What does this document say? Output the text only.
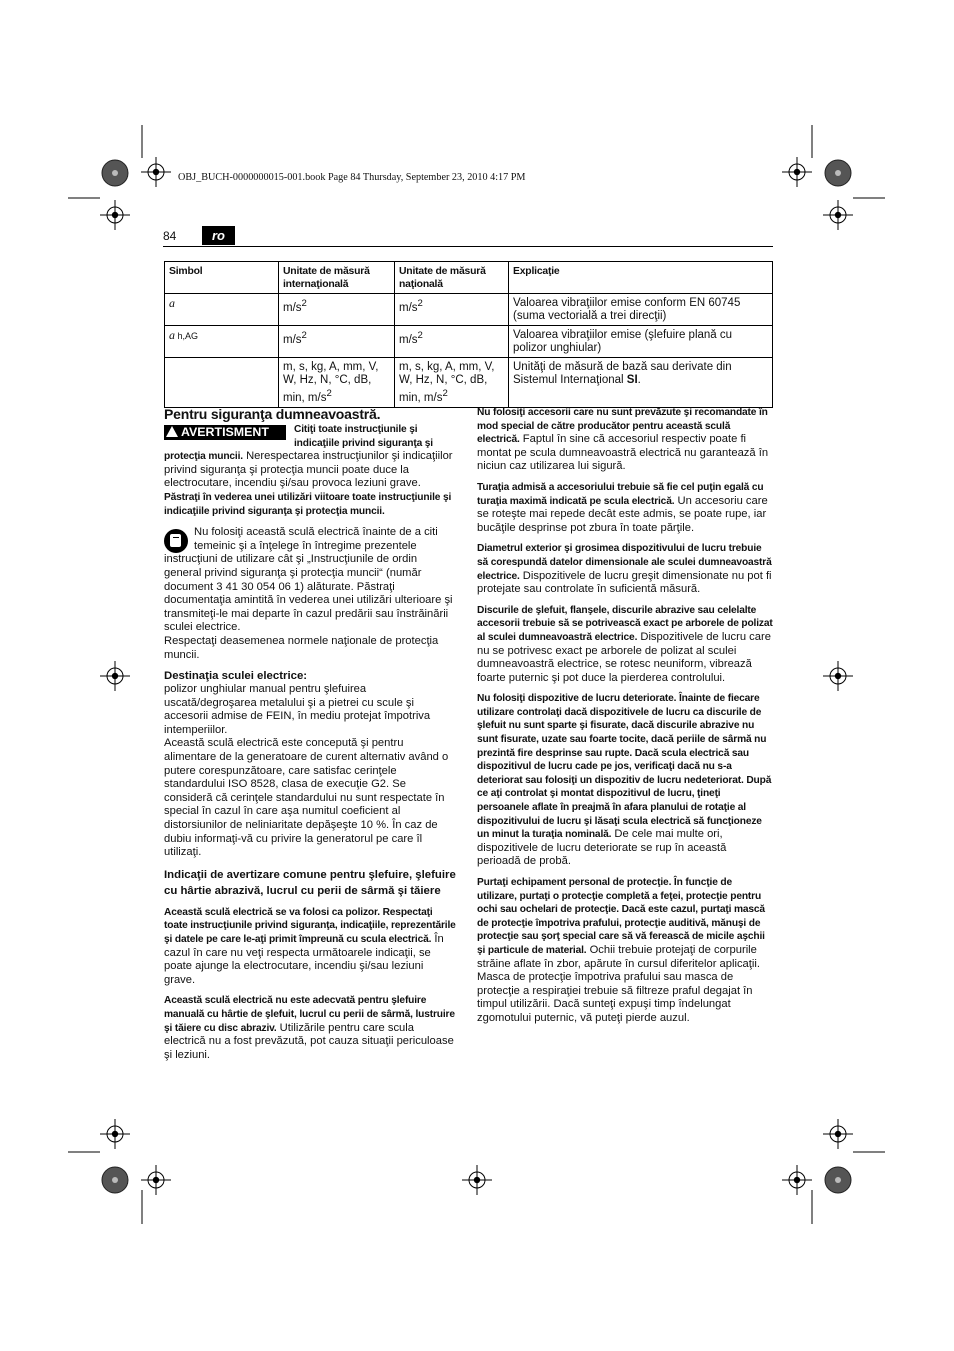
OBJ_BUCH-0000000015-001.book Page 84 Thursday, September 23, 2010 4:17 PM
84	ro
Simbol	Unitate de măsură internaţională	Unitate de măsură naţională	Explicaţie
a	$m/s^2$	$m/s^2$	Valoarea vibraţiilor emise conform EN 60745 (suma vectorială a trei direcţii)
a h,AG	$m/s^2$	$m/s^2$	Valoarea vibraţiilor emise (şlefuire plană cu polizor unghiular)
	m, s, kg, A, mm, V, W, Hz, N, °C, dB, min, $m/s^2$	m, s, kg, A, mm, V, W, Hz, N, °C, dB, min, $m/s^2$	Unităţi de măsură de bază sau derivate din Sistemul Internaţional SI.

Pentru siguranţa dumneavoastră.

AVERTISMENT	Citiţi toate instrucţiunile şi indicaţiile privind siguranţa şi protecţia muncii. Nerespectarea instrucţiunilor şi indicaţiilor privind siguranţa şi protecţia muncii poate duce la electrocutare, incendiu şi/sau provoca leziuni grave.

Păstraţi în vederea unei utilizări viitoare toate instrucţiunile şi indicaţiile privind siguranţa şi protecţia muncii.

Nu folosiţi această sculă electrică înainte de a citi temeinic şi a înţelege în întregime prezentele instrucţiuni de utilizare cât şi „Instrucţiunile de ordin general privind siguranţa şi protecţia muncii“ (număr document 3 41 30 054 06 1) alăturate. Păstraţi documentaţia amintită în vederea unei utilizări ulterioare şi transmiteţi-le mai departe în cazul predării sau înstrăinării sculei electrice.

Respectaţi deasemenea normele naţionale de protecţia muncii.

Destinaţia sculei electrice:

polizor unghiular manual pentru şlefuirea uscată/degroşarea metalului şi a pietrei cu scule şi accesorii admise de FEIN, în mediu protejat împotriva intemperiilor.

Această sculă electrică este concepută şi pentru alimentare de la generatoare de curent alternativ având o putere corespunzătoare, care satisfac cerinţele standardului ISO 8528, clasa de execuţie G2. Se consideră că cerinţele standardului nu sunt respectate în special în cazul în care aşa numitul coeficient al distorsiunilor de neliniaritate depăşeşte 10 %. În caz de dubiu informaţi-vă cu privire la generatorul pe care îl utilizaţi.

Indicaţii de avertizare comune pentru şlefuire, şlefuire cu hârtie abrazivă, lucrul cu perii de sârmă şi tăiere

Această sculă electrică se va folosi ca polizor. Respectaţi toate instrucţiunile privind siguranţa, indicaţiile, reprezentările şi datele pe care le-aţi primit împreună cu scula electrică. În cazul în care nu veţi respecta următoarele indicaţii, se poate ajunge la electrocutare, incendiu şi/sau leziuni grave.

Această sculă electrică nu este adecvată pentru şlefuire manuală cu hârtie de şlefuit, lucrul cu perii de sârmă, lustruire şi tăiere cu disc abraziv. Utilizările pentru care scula electrică nu a fost prevăzută, pot cauza situaţii periculoase şi leziuni.

Nu folosiţi accesorii care nu sunt prevăzute şi recomandate în mod special de către producător pentru această sculă electrică. Faptul în sine că accesoriul respectiv poate fi montat pe scula dumneavoastră electrică nu garantează în niciun caz utilizarea lui sigură.

Turaţia admisă a accesoriului trebuie să fie cel puţin egală cu turaţia maximă indicată pe scula electrică. Un accesoriu care se roteşte mai repede decât este admis, se poate rupe, iar bucăţile desprinse pot zbura în toate părţile.

Diametrul exterior şi grosimea dispozitivului de lucru trebuie să corespundă datelor dimensionale ale sculei dumneavoastră electrice. Dispozitivele de lucru greşit dimensionate nu pot fi protejate sau controlate în suficientă măsură.

Discurile de şlefuit, flanşele, discurile abrazive sau celelalte accesorii trebuie să se potrivească exact pe arborele de polizat al sculei dumneavoastră electrice. Dispozitivele de lucru care nu se potrivesc exact pe arborele de polizat al sculei dumneavoastră electrice, se rotesc neuniform, vibrează foarte puternic şi pot duce la pierderea controlului.

Nu folosiţi dispozitive de lucru deteriorate. Înainte de fiecare utilizare controlaţi dacă dispozitivele de lucru ca discurile de şlefuit nu sunt sparte şi fisurate, dacă discurile abrazive nu sunt fisurate, uzate sau foarte tocite, dacă periile de sârmă nu prezintă fire desprinse sau rupte. Dacă scula electrică sau dispozitivul de lucru cade pe jos, verificaţi dacă nu s-a deteriorat sau folosiţi un dispozitiv de lucru nedeteriorat. După ce aţi controlat şi montat dispozitivul de lucru, ţineţi persoanele aflate în preajmă în afara planului de rotaţie al dispozitivului de lucru şi lăsaţi scula electrică să funcţioneze un minut la turaţia nominală. De cele mai multe ori, dispozitivele de lucru deteriorate se rup în această perioadă de probă.

Purtaţi echipament personal de protecţie. În funcţie de utilizare, purtaţi o protecţie completă a feţei, protecţie pentru ochi sau ochelari de protecţie. Dacă este cazul, purtaţi mască de protecţie împotriva prafului, protecţie auditivă, mănuşi de protecţie sau şorţ special care să vă ferească de micile aşchii şi particule de material. Ochii trebuie protejaţi de corpurile străine aflate în zbor, apărute în cursul diferitelor aplicaţii. Masca de protecţie împotriva prafului sau masca de protecţie a respiraţiei trebuie să filtreze praful degajat în timpul utilizării. Dacă sunteţi expuşi timp îndelungat zgomotului puternic, vă puteţi pierde auzul.
